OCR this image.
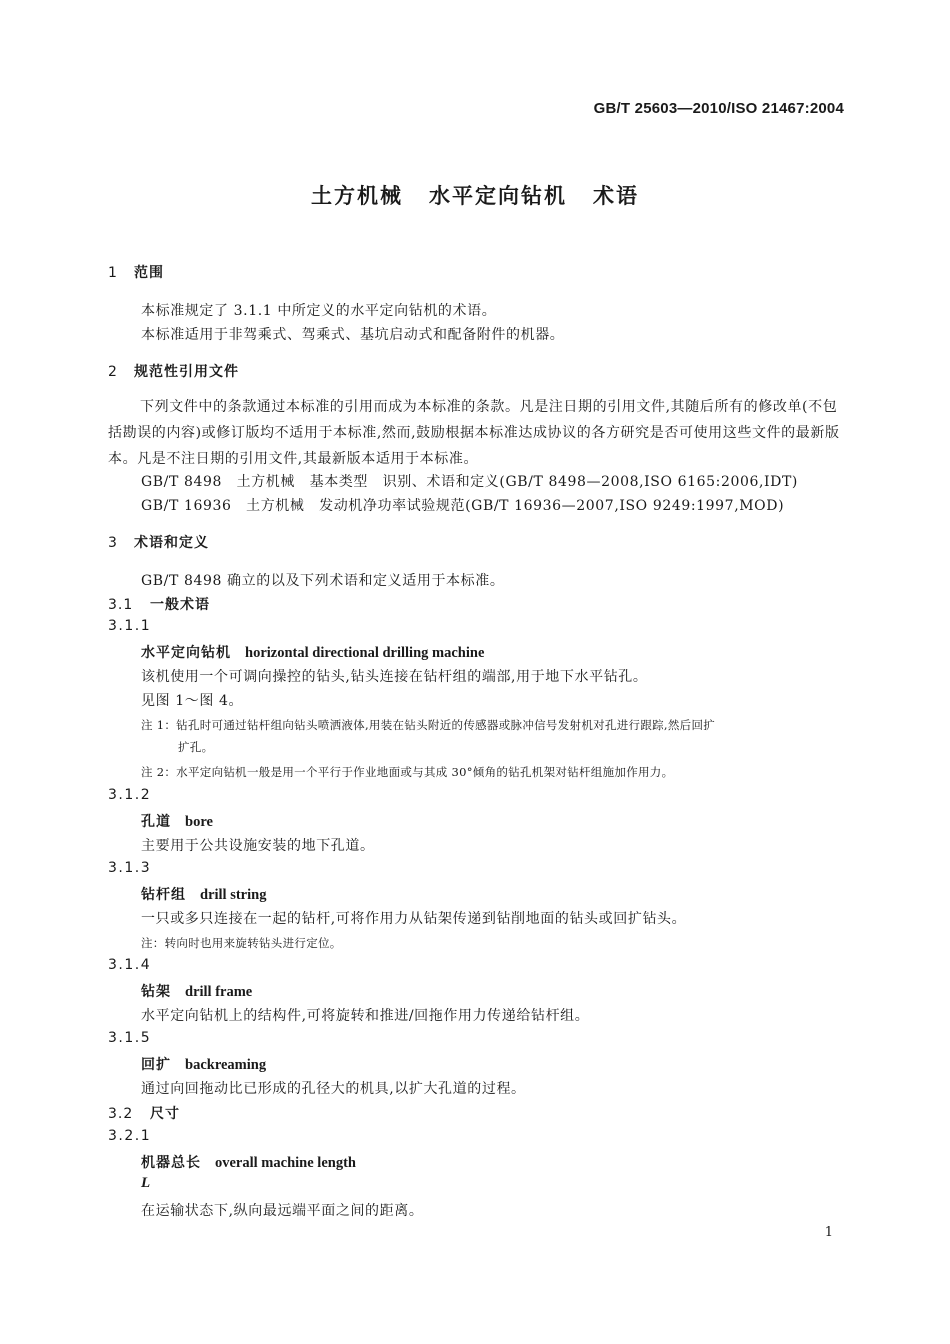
GB/T 25603—2010/ISO 21467:2004
土方机械 水平定向钻机 术语
1 范围
本标准规定了 3.1.1 中所定义的水平定向钻机的术语。
本标准适用于非驾乘式、驾乘式、基坑启动式和配备附件的机器。
2 规范性引用文件
下列文件中的条款通过本标准的引用而成为本标准的条款。凡是注日期的引用文件,其随后所有的修改单(不包括勘误的内容)或修订版均不适用于本标准,然而,鼓励根据本标准达成协议的各方研究是否可使用这些文件的最新版本。凡是不注日期的引用文件,其最新版本适用于本标准。
GB/T 8498　土方机械　基本类型　识别、术语和定义(GB/T 8498—2008,ISO 6165:2006,IDT)
GB/T 16936　土方机械　发动机净功率试验规范(GB/T 16936—2007,ISO 9249:1997,MOD)
3 术语和定义
GB/T 8498 确立的以及下列术语和定义适用于本标准。
3.1 一般术语
3.1.1
水平定向钻机 horizontal directional drilling machine
该机使用一个可调向操控的钻头,钻头连接在钻杆组的端部,用于地下水平钻孔。
见图 1～图 4。
注 1：钻孔时可通过钻杆组向钻头喷洒液体,用装在钻头附近的传感器或脉冲信号发射机对孔进行跟踪,然后回扩
扩孔。
注 2：水平定向钻机一般是用一个平行于作业地面或与其成 30°倾角的钻孔机架对钻杆组施加作用力。
3.1.2
孔道 bore
主要用于公共设施安装的地下孔道。
3.1.3
钻杆组 drill string
一只或多只连接在一起的钻杆,可将作用力从钻架传递到钻削地面的钻头或回扩钻头。
注：转向时也用来旋转钻头进行定位。
3.1.4
钻架 drill frame
水平定向钻机上的结构件,可将旋转和推进/回拖作用力传递给钻杆组。
3.1.5
回扩 backreaming
通过向回拖动比已形成的孔径大的机具,以扩大孔道的过程。
3.2 尺寸
3.2.1
机器总长 overall machine length
L
在运输状态下,纵向最远端平面之间的距离。
1
